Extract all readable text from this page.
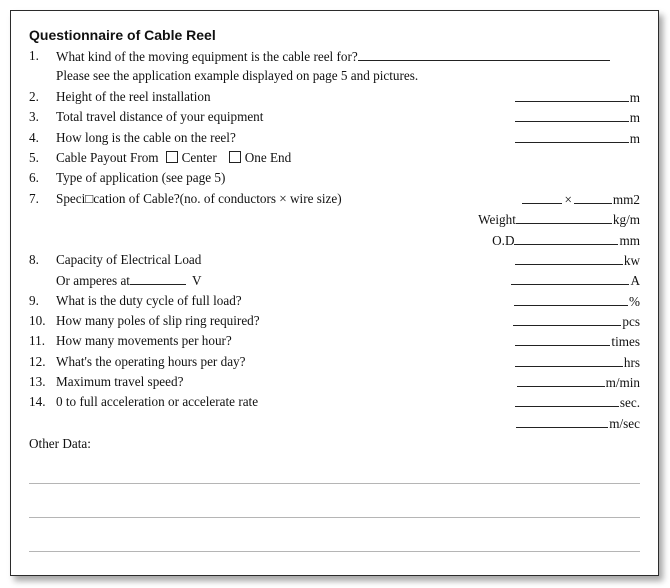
Questionnaire of Cable Reel
1. What kind of the moving equipment is the cable reel for?
Please see the application example displayed on page 5 and pictures.
2. Height of the reel installation	m
3. Total travel distance of your equipment	m
4. How long is the cable on the reel?	m
5. Cable Payout From Center One End
6. Type of application (see page 5)
7. Speci□cation of Cable?(no. of conductors × wire size)	×	mm2
Weight	kg/m
O.D	mm
8. Capacity of Electrical Load	kw
Or amperes at	V	A
9. What is the duty cycle of full load?	%
10. How many poles of slip ring required?	pcs
11. How many movements per hour?	times
12. What's the operating hours per day?	hrs
13. Maximum travel speed?	m/min
14. 0 to full acceleration or accelerate rate	sec.
m/sec
Other Data:
